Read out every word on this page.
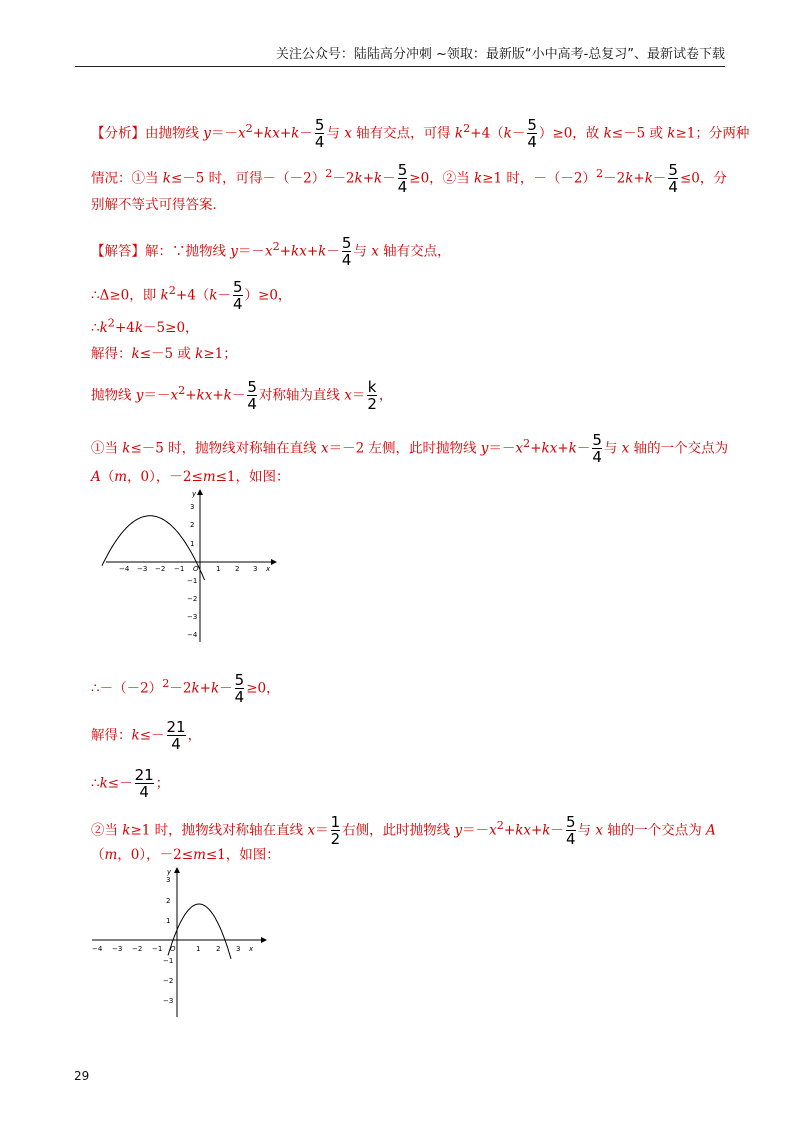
关注公众号：陆陆高分冲刺 ~领取：最新版“小中高考-总复习”、最新试卷下载
【分析】由抛物线 $y=-x^2+kx+k- \frac{5}{4}$ 与 x 轴有交点，可得 $k^2+4(k- \frac{5}{4} )\ge 0$，故 k≤－5 或 k≥1；分两种
情况：①当 k≤－5 时，可得$-(-2)^2-2k+k- \frac{5}{4} \ge 0$，②当 k≥1 时，$-(-2)^2-2k+k- \frac{5}{4} \le 0$，分
别解不等式可得答案．
【解答】解：∵抛物线 $y=-x^2+kx+k- \frac{5}{4}$ 与 x 轴有交点，
∴Δ≥0，即 $k^2+4(k- \frac{5}{4} )\ge 0$，
$\therefore k^2+4k-5\ge 0$，
解得：k≤－5 或 k≥1；
抛物线 $y=-x^2+kx+k- \frac{5}{4}$ 对称轴为直线 $x= \frac{k}{2}$ ，
①当 k≤－5 时，抛物线对称轴在直线 x＝－2 左侧，此时抛物线 $y=-x^2+kx+k- \frac{5}{4}$ 与 x 轴的一个交点为
A（m，0），－2≤m≤1，如图：
−4 −3 −2 −1	1 2 3 x
3
2
1
−1
−2
−3
−4
y
O
$\therefore-(-2)^2-2k+k- \frac{5}{4} \ge 0$，
解得：$k\le- \frac{21}{4}$ ，
∴k≤－ $\frac{21}{4}$ ；
②当 k≥1 时，抛物线对称轴在直线 $x= \frac{1}{2}$ 右侧，此时抛物线 $y=-x^2+kx+k- \frac{5}{4}$ 与 x 轴的一个交点为 A
（m，0），－2≤m≤1，如图：
−4 −3 −2 −1	1 2 3 x
3
2
1
−1
−2
−3
y
O
29
